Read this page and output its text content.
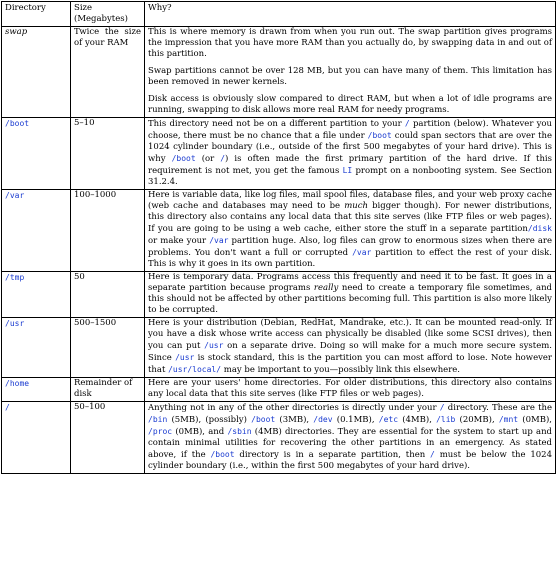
Directory	Size (Megabytes)	Why?
swap	Twice the size of your RAM	This is where memory is drawn from when you run out. The swap partition gives programs the impression that you have more RAM than you actually do, by swapping data in and out of this partition.

Swap partitions cannot be over 128 MB, but you can have many of them. This limitation has been removed in newer kernels.

Disk access is obviously slow compared to direct RAM, but when a lot of idle programs are running, swapping to disk allows more real RAM for needy programs.

/boot	5–10	This directory need not be on a different partition to your / partition (below). Whatever you choose, there must be no chance that a file under /boot could span sectors that are over the 1024 cylinder boundary (i.e., outside of the first 500 megabytes of your hard drive). This is why /boot (or /) is often made the first primary partition of the hard drive. If this requirement is not met, you get the famous LI prompt on a nonbooting system. See Section 31.2.4.
/var	100–1000	Here is variable data, like log files, mail spool files, database files, and your web proxy cache (web cache and databases may need to be much bigger though). For newer distributions, this directory also contains any local data that this site serves (like FTP files or web pages). If you are going to be using a web cache, either store the stuff in a separate partition/disk or make your /var partition huge. Also, log files can grow to enormous sizes when there are problems. You don't want a full or corrupted /var partition to effect the rest of your disk. This is why it goes in its own partition.
/tmp	50	Here is temporary data. Programs access this frequently and need it to be fast. It goes in a separate partition because programs really need to create a temporary file sometimes, and this should not be affected by other partitions becoming full. This partition is also more likely to be corrupted.
/usr	500–1500	Here is your distribution (Debian, RedHat, Mandrake, etc.). It can be mounted read-only. If you have a disk whose write access can physically be disabled (like some SCSI drives), then you can put /usr on a separate drive. Doing so will make for a much more secure system. Since /usr is stock standard, this is the partition you can most afford to lose. Note however that /usr/local/ may be important to you—possibly link this elsewhere.
/home	Remainder of disk	Here are your users' home directories. For older distributions, this directory also contains any local data that this site serves (like FTP files or web pages).
/	50–100	Anything not in any of the other directories is directly under your / directory. These are the /bin (5MB), (possibly) /boot (3MB), /dev (0.1MB), /etc (4MB), /lib (20MB), /mnt (0MB), /proc (0MB), and /sbin (4MB) directories. They are essential for the system to start up and contain minimal utilities for recovering the other partitions in an emergency. As stated above, if the /boot directory is in a separate partition, then / must be below the 1024 cylinder boundary (i.e., within the first 500 megabytes of your hard drive).
